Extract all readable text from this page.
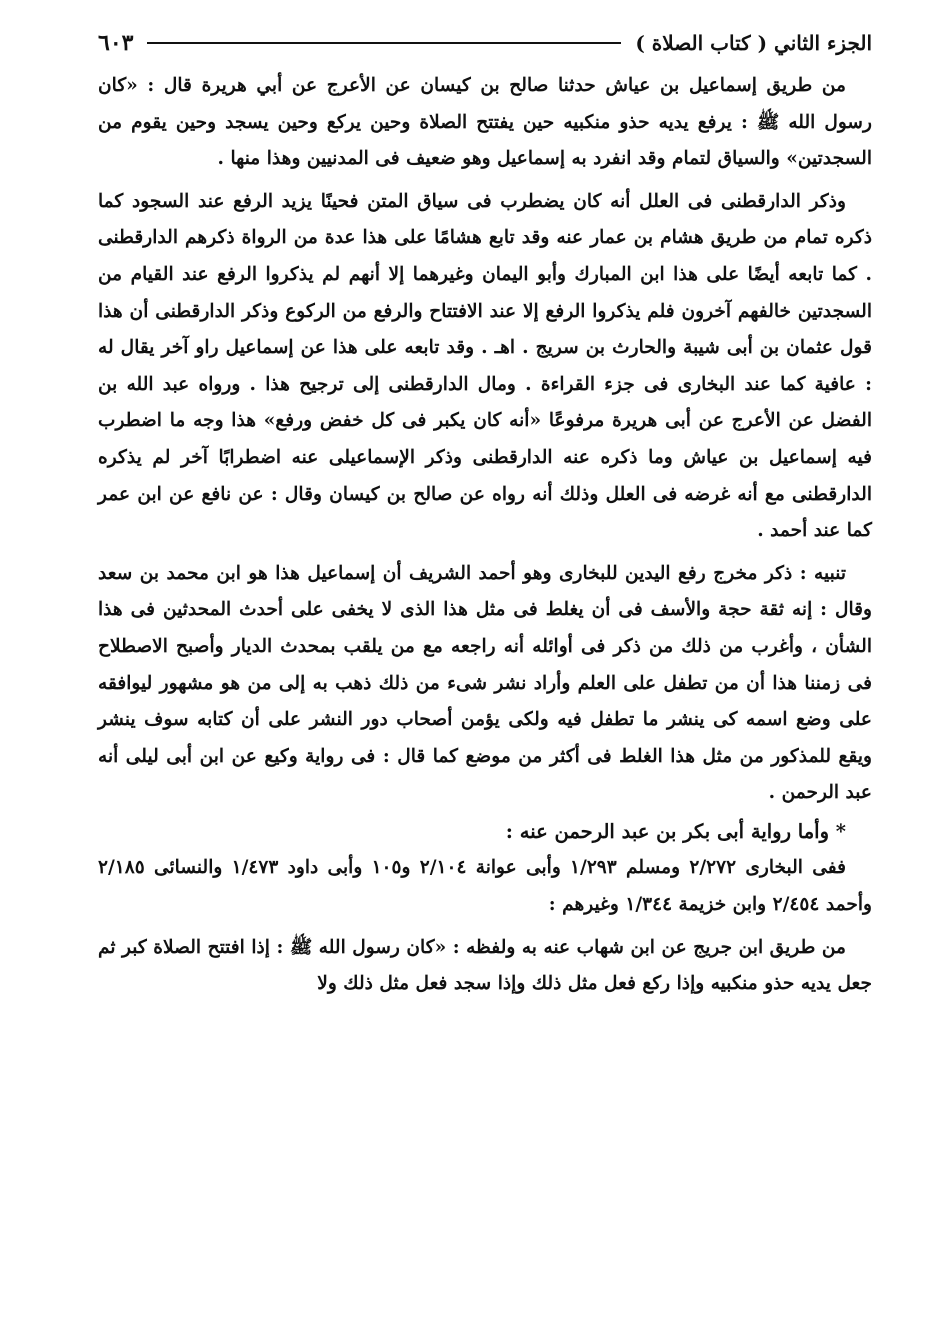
الجزء الثاني ( كتاب الصلاة )
٦٠٣

من طريق إسماعيل بن عياش حدثنا صالح بن كيسان عن الأعرج عن أبي هريرة قال : «كان رسول الله ﷺ : يرفع يديه حذو منكبيه حين يفتتح الصلاة وحين يركع وحين يسجد وحين يقوم من السجدتين» والسياق لتمام وقد انفرد به إسماعيل وهو ضعيف فى المدنيين وهذا منها .

وذكر الدارقطنى فى العلل أنه كان يضطرب فى سياق المتن فحينًا يزيد الرفع عند السجود كما ذكره تمام من طريق هشام بن عمار عنه وقد تابع هشامًا على هذا عدة من الرواة ذكرهم الدارقطنى . كما تابعه أيضًا على هذا ابن المبارك وأبو اليمان وغيرهما إلا أنهم لم يذكروا الرفع عند القيام من السجدتين خالفهم آخرون فلم يذكروا الرفع إلا عند الافتتاح والرفع من الركوع وذكر الدارقطنى أن هذا قول عثمان بن أبى شيبة والحارث بن سريج . اهـ . وقد تابعه على هذا عن إسماعيل راو آخر يقال له : عافية كما عند البخارى فى جزء القراءة . ومال الدارقطنى إلى ترجيح هذا . ورواه عبد الله بن الفضل عن الأعرج عن أبى هريرة مرفوعًا «أنه كان يكبر فى كل خفض ورفع» هذا وجه ما اضطرب فيه إسماعيل بن عياش وما ذكره عنه الدارقطنى وذكر الإسماعيلى عنه اضطرابًا آخر لم يذكره الدارقطنى مع أنه غرضه فى العلل وذلك أنه رواه عن صالح بن كيسان وقال : عن نافع عن ابن عمر كما عند أحمد .

تنبيه : ذكر مخرج رفع اليدين للبخارى وهو أحمد الشريف أن إسماعيل هذا هو ابن محمد بن سعد وقال : إنه ثقة حجة والأسف فى أن يغلط فى مثل هذا الذى لا يخفى على أحدث المحدثين فى هذا الشأن ، وأغرب من ذلك من ذكر فى أوائله أنه راجعه مع من يلقب بمحدث الديار وأصبح الاصطلاح فى زمننا هذا أن من تطفل على العلم وأراد نشر شىء من ذلك ذهب به إلى من هو مشهور ليوافقه على وضع اسمه كى ينشر ما تطفل فيه ولكى يؤمن أصحاب دور النشر على أن كتابه سوف ينشر ويقع للمذكور من مثل هذا الغلط فى أكثر من موضع كما قال : فى رواية وكيع عن ابن أبى ليلى أنه عبد الرحمن .

* وأما رواية أبى بكر بن عبد الرحمن عنه :

ففى البخارى ٢/٢٧٢ ومسلم ١/٢٩٣ وأبى عوانة ٢/١٠٤ و١٠٥ وأبى داود ١/٤٧٣ والنسائى ٢/١٨٥ وأحمد ٢/٤٥٤ وابن خزيمة ١/٣٤٤ وغيرهم :

من طريق ابن جريج عن ابن شهاب عنه به ولفظه : «كان رسول الله ﷺ : إذا افتتح الصلاة كبر ثم جعل يديه حذو منكبيه وإذا ركع فعل مثل ذلك وإذا سجد فعل مثل ذلك ولا
